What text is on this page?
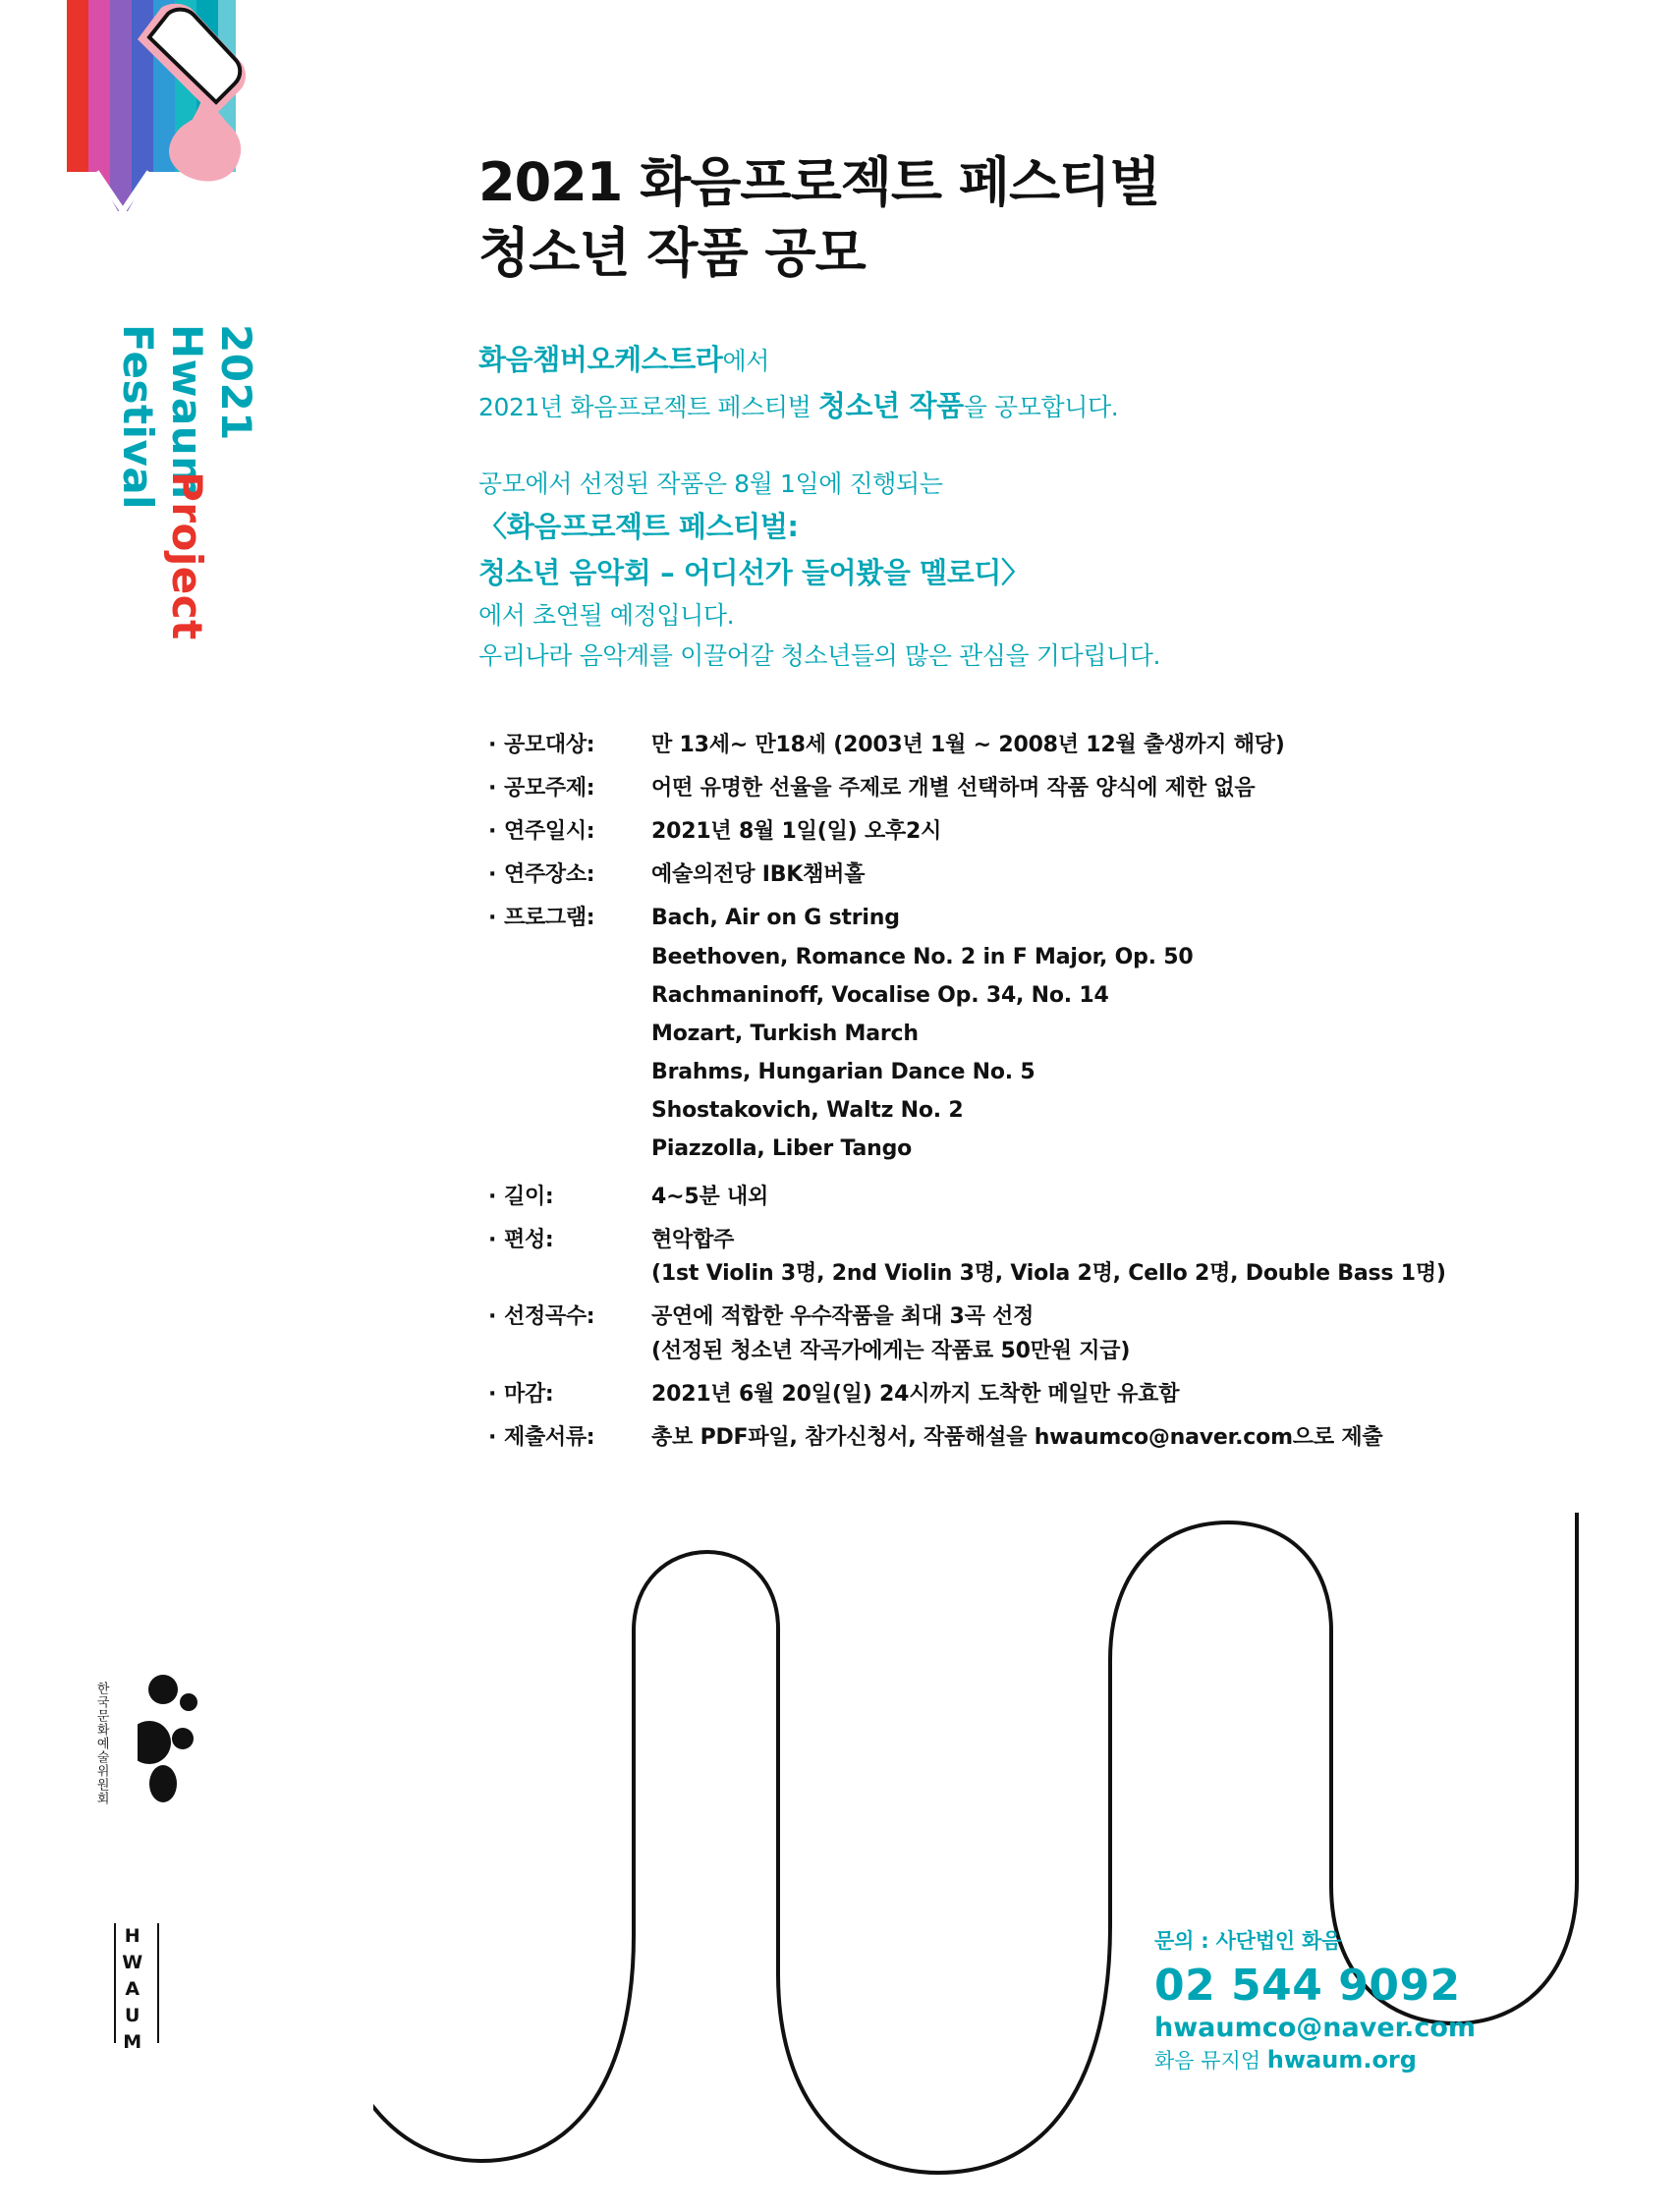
2021
Hwaum
Project
Festival
한국문화예술위원회
HWAUM
2021 화음프로젝트 페스티벌
청소년 작품 공모

화음챔버오케스트라에서

2021년 화음프로젝트 페스티벌 청소년 작품을 공모합니다.

공모에서 선정된 작품은 8월 1일에 진행되는

〈화음프로젝트 페스티벌:

청소년 음악회 – 어디선가 들어봤을 멜로디〉

에서 초연될 예정입니다.

우리나라 음악계를 이끌어갈 청소년들의 많은 관심을 기다립니다.

· 공모대상:	만 13세~ 만18세 (2003년 1월 ~ 2008년 12월 출생까지 해당)
· 공모주제:	어떤 유명한 선율을 주제로 개별 선택하며 작품 양식에 제한 없음
· 연주일시:	2021년 8월 1일(일) 오후2시
· 연주장소:	예술의전당 IBK챔버홀
· 프로그램:	Bach, Air on G string
Beethoven, Romance No. 2 in F Major, Op. 50
Rachmaninoff, Vocalise Op. 34, No. 14
Mozart, Turkish March
Brahms, Hungarian Dance No. 5
Shostakovich, Waltz No. 2
Piazzolla, Liber Tango
· 길이:	4~5분 내외
· 편성:	현악합주
(1st Violin 3명, 2nd Violin 3명, Viola 2명, Cello 2명, Double Bass 1명)
· 선정곡수:	공연에 적합한 우수작품을 최대 3곡 선정
(선정된 청소년 작곡가에게는 작품료 50만원 지급)
· 마감:	2021년 6월 20일(일) 24시까지 도착한 메일만 유효함
· 제출서류:	총보 PDF파일, 참가신청서, 작품해설을 hwaumco@naver.com으로 제출
문의 : 사단법인 화음
02 544 9092
hwaumco@naver.com
화음 뮤지엄 hwaum.org
